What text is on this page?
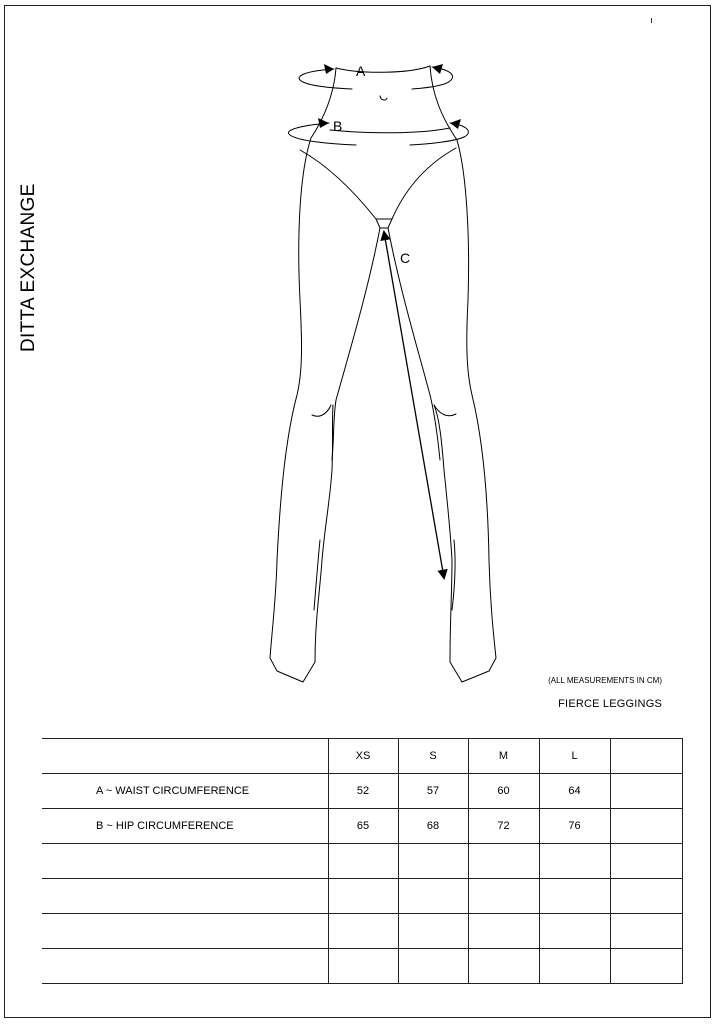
DITTA EXCHANGE
A
B
C
(ALL MEASUREMENTS IN CM)
FIERCE LEGGINGS
	XS	S	M	L	
A ~ WAIST CIRCUMFERENCE	52	57	60	64	
B ~ HIP CIRCUMFERENCE	65	68	72	76	
